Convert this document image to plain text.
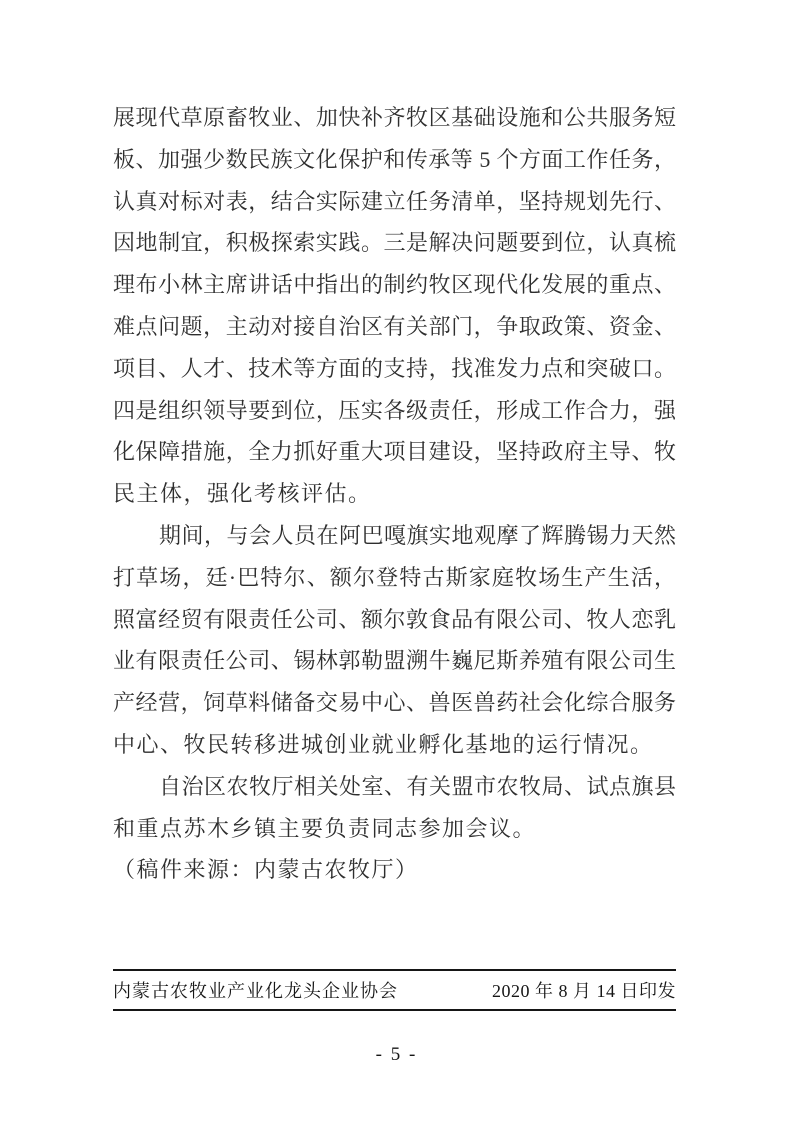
展现代草原畜牧业、加快补齐牧区基础设施和公共服务短
板、加强少数民族文化保护和传承等 5 个方面工作任务，
认真对标对表，结合实际建立任务清单，坚持规划先行、
因地制宜，积极探索实践。三是解决问题要到位，认真梳
理布小林主席讲话中指出的制约牧区现代化发展的重点、
难点问题，主动对接自治区有关部门，争取政策、资金、
项目、人才、技术等方面的支持，找准发力点和突破口。
四是组织领导要到位，压实各级责任，形成工作合力，强
化保障措施，全力抓好重大项目建设，坚持政府主导、牧
民主体，强化考核评估。
期间，与会人员在阿巴嘎旗实地观摩了辉腾锡力天然
打草场，廷·巴特尔、额尔登特古斯家庭牧场生产生活，
照富经贸有限责任公司、额尔敦食品有限公司、牧人恋乳
业有限责任公司、锡林郭勒盟溯牛巍尼斯养殖有限公司生
产经营，饲草料储备交易中心、兽医兽药社会化综合服务
中心、牧民转移进城创业就业孵化基地的运行情况。
自治区农牧厅相关处室、有关盟市农牧局、试点旗县
和重点苏木乡镇主要负责同志参加会议。
（稿件来源：内蒙古农牧厅）
内蒙古农牧业产业化龙头企业协会	2020 年 8 月 14 日印发
- 5 -
